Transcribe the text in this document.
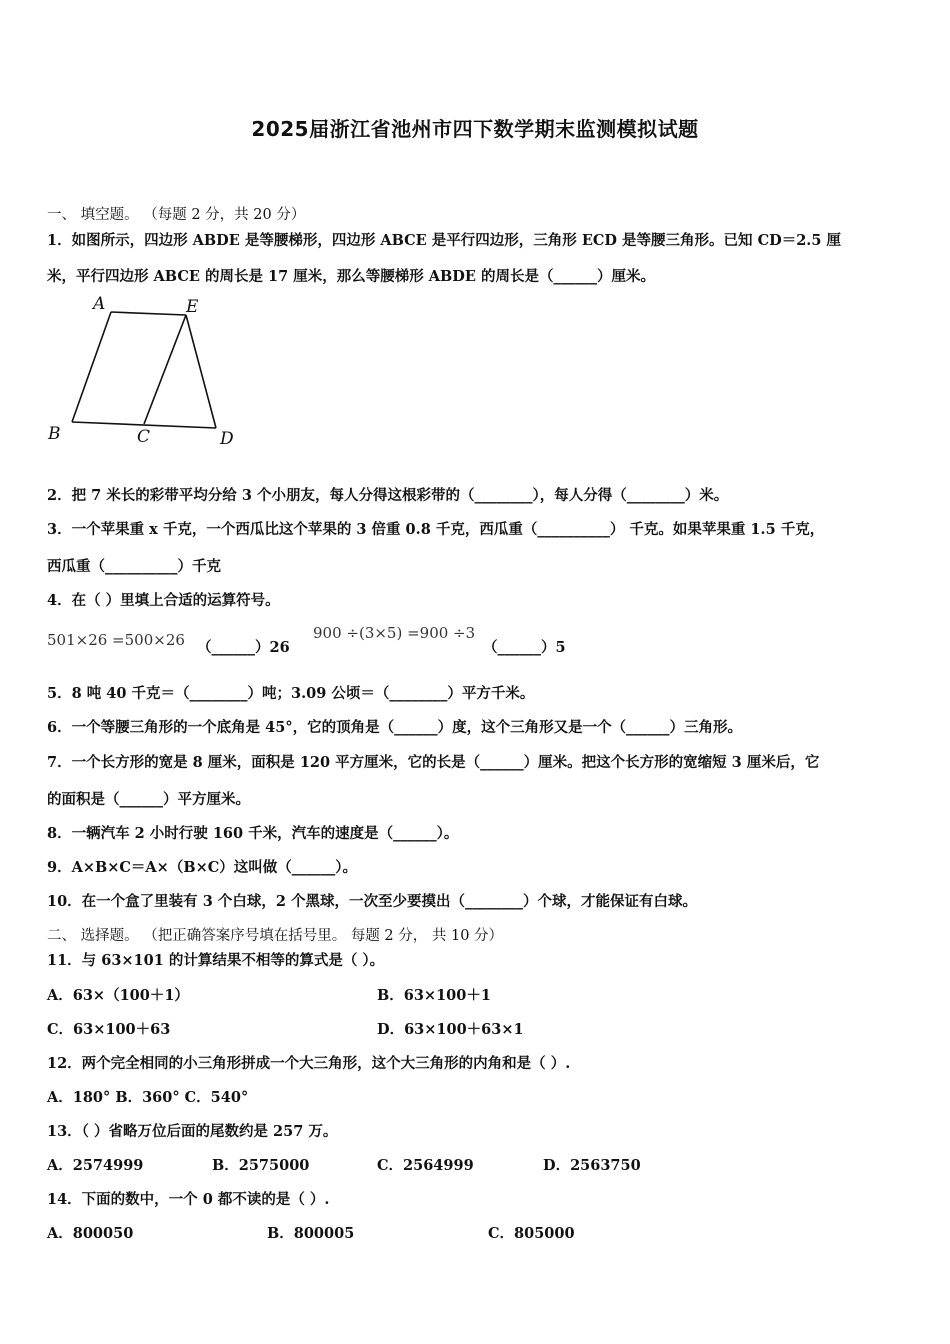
2025届浙江省池州市四下数学期末监测模拟试题
一、 填空题。 （每题 2 分，共 20 分）
1．如图所示，四边形 ABDE 是等腰梯形，四边形 ABCE 是平行四边形，三角形 ECD 是等腰三角形。已知 CD＝2.5 厘
米，平行四边形 ABCE 的周长是 17 厘米，那么等腰梯形 ABDE 的周长是（______）厘米。
A	E
B	C	D
2．把 7 米长的彩带平均分给 3 个小朋友，每人分得这根彩带的（________），每人分得（________）米。
3．一个苹果重 x 千克，一个西瓜比这个苹果的 3 倍重 0.8 千克，西瓜重（__________） 千克。如果苹果重 1.5 千克，
西瓜重（__________）千克
4．在（ ）里填上合适的运算符号。
501×26 =500×26 （______）26
900 ÷(3×5) =900 ÷3
（______）5
5．8 吨 40 千克＝（________）吨；3.09 公顷＝（________）平方千米。
6．一个等腰三角形的一个底角是 45°，它的顶角是（______）度，这个三角形又是一个（______）三角形。
7．一个长方形的宽是 8 厘米，面积是 120 平方厘米，它的长是（______）厘米。把这个长方形的宽缩短 3 厘米后，它
的面积是（______）平方厘米。
8．一辆汽车 2 小时行驶 160 千米，汽车的速度是（______）。
9．A×B×C＝A×（B×C）这叫做（______）。
10．在一个盒了里装有 3 个白球，2 个黑球，一次至少要摸出（________）个球，才能保证有白球。
二、 选择题。 （把正确答案序号填在括号里。 每题 2 分， 共 10 分）
11．与 63×101 的计算结果不相等的算式是（ ）。
A．63×（100＋1）	B．63×100＋1
C．63×100＋63	D．63×100＋63×1
12．两个完全相同的小三角形拼成一个大三角形，这个大三角形的内角和是（ ）.
A．180° B．360° C．540°
13．（ ）省略万位后面的尾数约是 257 万。
A．2574999	B．2575000	C．2564999	D．2563750
14．下面的数中，一个 0 都不读的是（ ）.
A．800050	B．800005	C．805000
